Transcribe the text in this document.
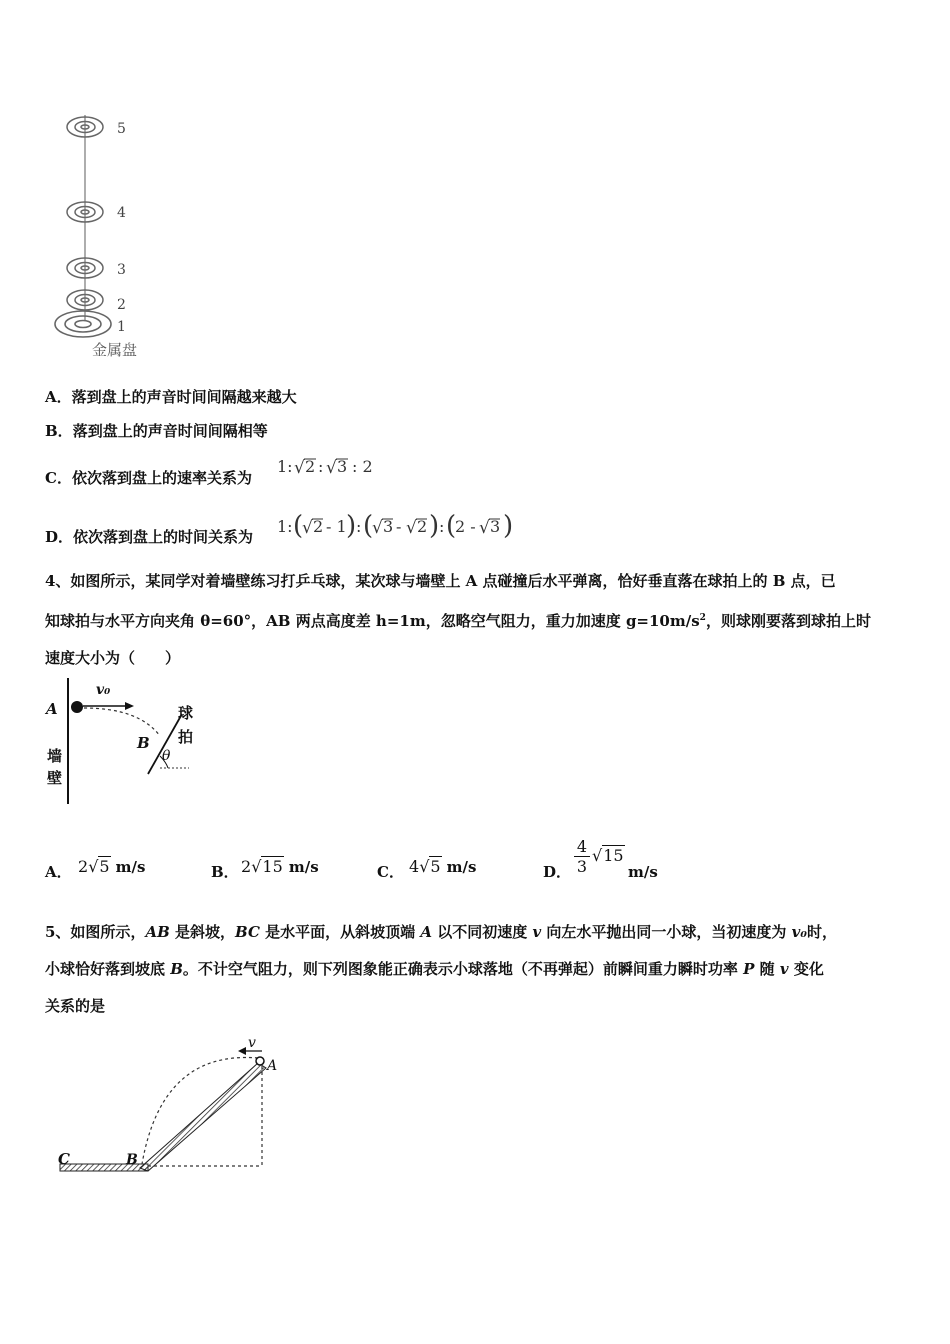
5
4
3
2
1
金属盘
A．落到盘上的声音时间间隔越来越大
B．落到盘上的声音时间间隔相等
C．依次落到盘上的速率关系为
1: √ 2 : √ 3 : 2
D．依次落到盘上的时间关系为
1: (
√ 2 - 1 ) : (
√ 3 - √ 2 ) : (
2 - √ 3 )
4、如图所示，某同学对着墙壁练习打乒乓球，某次球与墙壁上 A 点碰撞后水平弹离，恰好垂直落在球拍上的 B 点，已
知球拍与水平方向夹角 θ=60°，AB 两点高度差 h=1m，忽略空气阻力，重力加速度 $g=10m/s^2$，则球刚要落到球拍上时
速度大小为（　　）
A
v₀
B
θ
墙
壁
球
拍
A． 2√5 m/s	B． 2√15 m/s	C． 4√5 m/s	D．
4
3
√15
m/s
5、如图所示，AB 是斜坡，BC 是水平面，从斜坡顶端 A 以不同初速度 v 向左水平抛出同一小球，当初速度为 v₀时，
小球恰好落到坡底 B。不计空气阻力，则下列图象能正确表示小球落地（不再弹起）前瞬间重力瞬时功率 P 随 v 变化
关系的是
v
A
B
C
